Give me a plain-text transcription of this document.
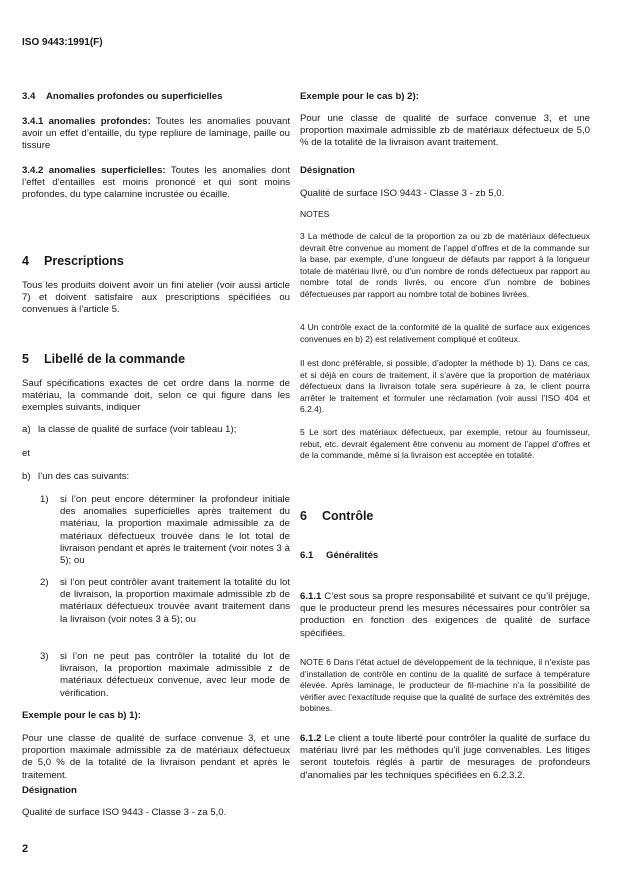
ISO 9443:1991(F)
3.4 Anomalies profondes ou superficielles
3.4.1 anomalies profondes: Toutes les anomalies pouvant avoir un effet d’entaille, du type repliure de laminage, paille ou tissure
3.4.2 anomalies superficielles: Toutes les anomalies dont l’effet d’entailles est moins prononcé et qui sont moins profondes, du type calamine incrustée ou écaille.
4 Prescriptions
Tous les produits doivent avoir un fini atelier (voir aussi article 7) et doivent satisfaire aux prescriptions spécifiées ou convenues à l’article 5.
5 Libellé de la commande
Sauf spécifications exactes de cet ordre dans la norme de matériau, la commande doit, selon ce qui figure dans les exemples suivants, indiquer
a) la classe de qualité de surface (voir tableau 1);
et
b) l’un des cas suivants:
1) si l’on peut encore déterminer la profondeur initiale des anomalies superficielles après traitement du matériau, la proportion maximale admissible za de matériaux défectueux trouvée dans le lot total de livraison pendant et après le traitement (voir notes 3 à 5); ou
2) si l’on peut contrôler avant traitement la totalité du lot de livraison, la proportion maximale admissible zb de matériaux défectueux trouvée avant traitement dans la livraison (voir notes 3 à 5); ou
3) si l’on ne peut pas contrôler la totalité du lot de livraison, la proportion maximale admissible z de matériaux défectueux convenue, avec leur mode de vérification.
Exemple pour le cas b) 1):
Pour une classe de qualité de surface convenue 3, et une proportion maximale admissible za de matériaux défectueux de 5,0 % de la totalité de la livraison pendant et après le traitement.
Désignation
Qualité de surface ISO 9443 - Classe 3 - za 5,0.
2
Exemple pour le cas b) 2):
Pour une classe de qualité de surface convenue 3, et une proportion maximale admissible zb de matériaux défectueux de 5,0 % de la totalité de la livraison avant traitement.
Désignation
Qualité de surface ISO 9443 - Classe 3 - zb 5,0.
NOTES
3 La méthode de calcul de la proportion za ou zb de matériaux défectueux devrait être convenue au moment de l’appel d’offres et de la commande sur la base, par exemple, d’une longueur de défauts par rapport à la longueur totale de matériau livré, ou d’un nombre de ronds défectueux par rapport au nombre total de ronds livrés, ou encore d’un nombre de bobines défectueuses par rapport au nombre total de bobines livrées.
4 Un contrôle exact de la conformité de la qualité de surface aux exigences convenues en b) 2) est relativement compliqué et coûteux.
Il est donc préférable, si possible, d’adopter la méthode b) 1). Dans ce cas, et si déjà en cours de traitement, il s’avère que la proportion de matériaux défectueux dans la livraison totale sera supérieure à za, le client pourra arrêter le traitement et formuler une réclamation (voir aussi l’ISO 404 et 6.2.4).
5 Le sort des matériaux défectueux, par exemple, retour au fournisseur, rebut, etc. devrait également être convenu au moment de l’appel d’offres et de la commande, même si la livraison est acceptée en totalité.
6 Contrôle
6.1 Généralités
6.1.1 C’est sous sa propre responsabilité et suivant ce qu’il préjuge, que le producteur prend les mesures nécessaires pour contrôler sa production en fonction des exigences de qualité de surface spécifiées.
NOTE 6 Dans l’état actuel de développement de la technique, il n’existe pas d’installation de contrôle en continu de la qualité de surface à température élevée. Après laminage, le producteur de fil-machine n’a la possibilité de vérifier avec l’exactitude requise que la qualité de surface des extrémités des bobines.
6.1.2 Le client a toute liberté pour contrôler la qualité de surface du matériau livré par les méthodes qu’il juge convenables. Les litiges seront toutefois réglés à partir de mesurages de profondeurs d’anomalies par les techniques spécifiées en 6.2.3.2.
